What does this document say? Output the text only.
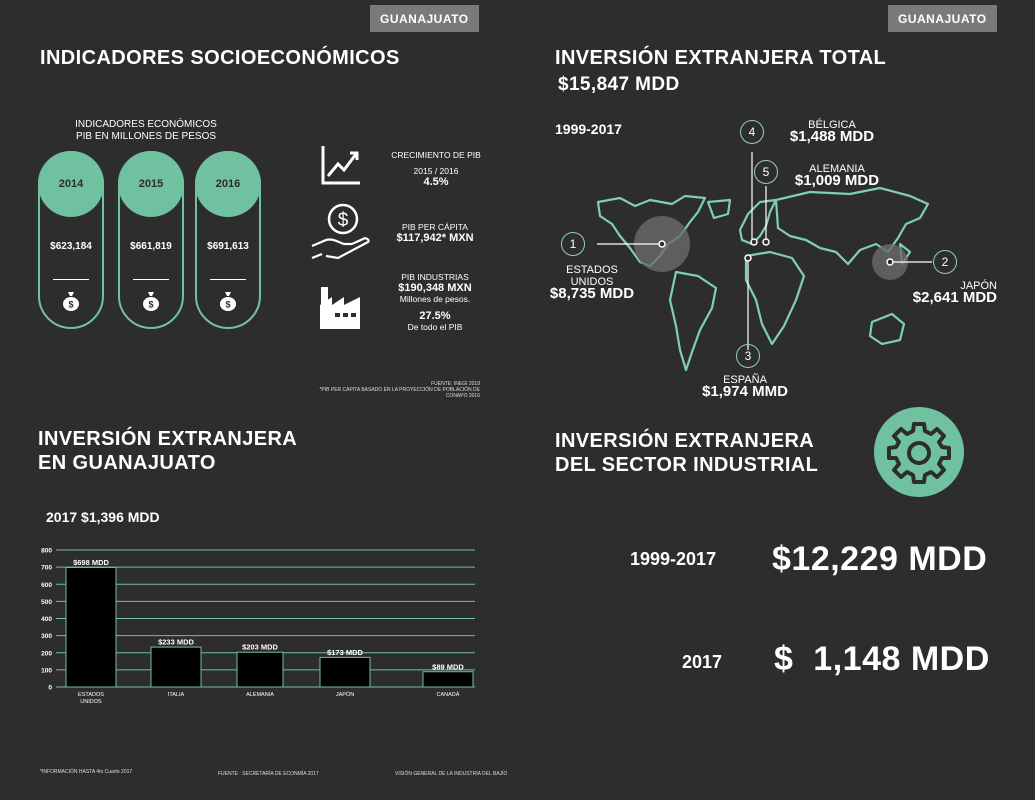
GUANAJUATO	GUANAJUATO
INDICADORES SOCIOECONÓMICOS
INDICADORES ECONÓMICOS
PIB EN MILLONES DE PESOS
2014
$623,184
$
2015
$661,819
$
2016
$691,613
$
$
CRECIMIENTO DE PIB
2015 / 2016
4.5%
PIB PER CÁPITA
$117,942* MXN
PIB INDUSTRIAS
$190,348 MXN
Millones de pesos.
27.5%
De todo el PIB
FUENTE: INEGI 2018
*PIB PER CÁPITA BASADO EN LA PROYECCIÓN DE POBLACIÓN DE CONAPO 2016
INVERSIÓN EXTRANJERA TOTAL
$15,847 MDD
1999-2017
1
2
3
4
5
ESTADOS
UNIDOS
$8,735 MDD	JAPÓN
$2,641 MDD
ESPAÑA
$1,974 MMD
BÉLGICA
$1,488 MDD
ALEMANIA
$1,009 MDD
INVERSIÓN EXTRANJERA
EN GUANAJUATO
2017 $1,396 MDD
0
100
200
300
400
500
600
700
800
$698 MDD
ESTADOS
UNIDOS
$233 MDD
ITALIA
$203 MDD
ALEMANIA
$173 MDD
JAPÓN
$89 MDD
CANADÁ
*INFORMACIÓN HASTA 4to Cuarto 2017	FUENTE : SECRETARÍA DE ECONMÍA 2017	VISIÓN GENERAL DE LA INDUSTRIA DEL BAJÍO
INVERSIÓN EXTRANJERA
DEL SECTOR INDUSTRIAL
1999-2017 $12,229 MDD
2017 $  1,148 MDD
